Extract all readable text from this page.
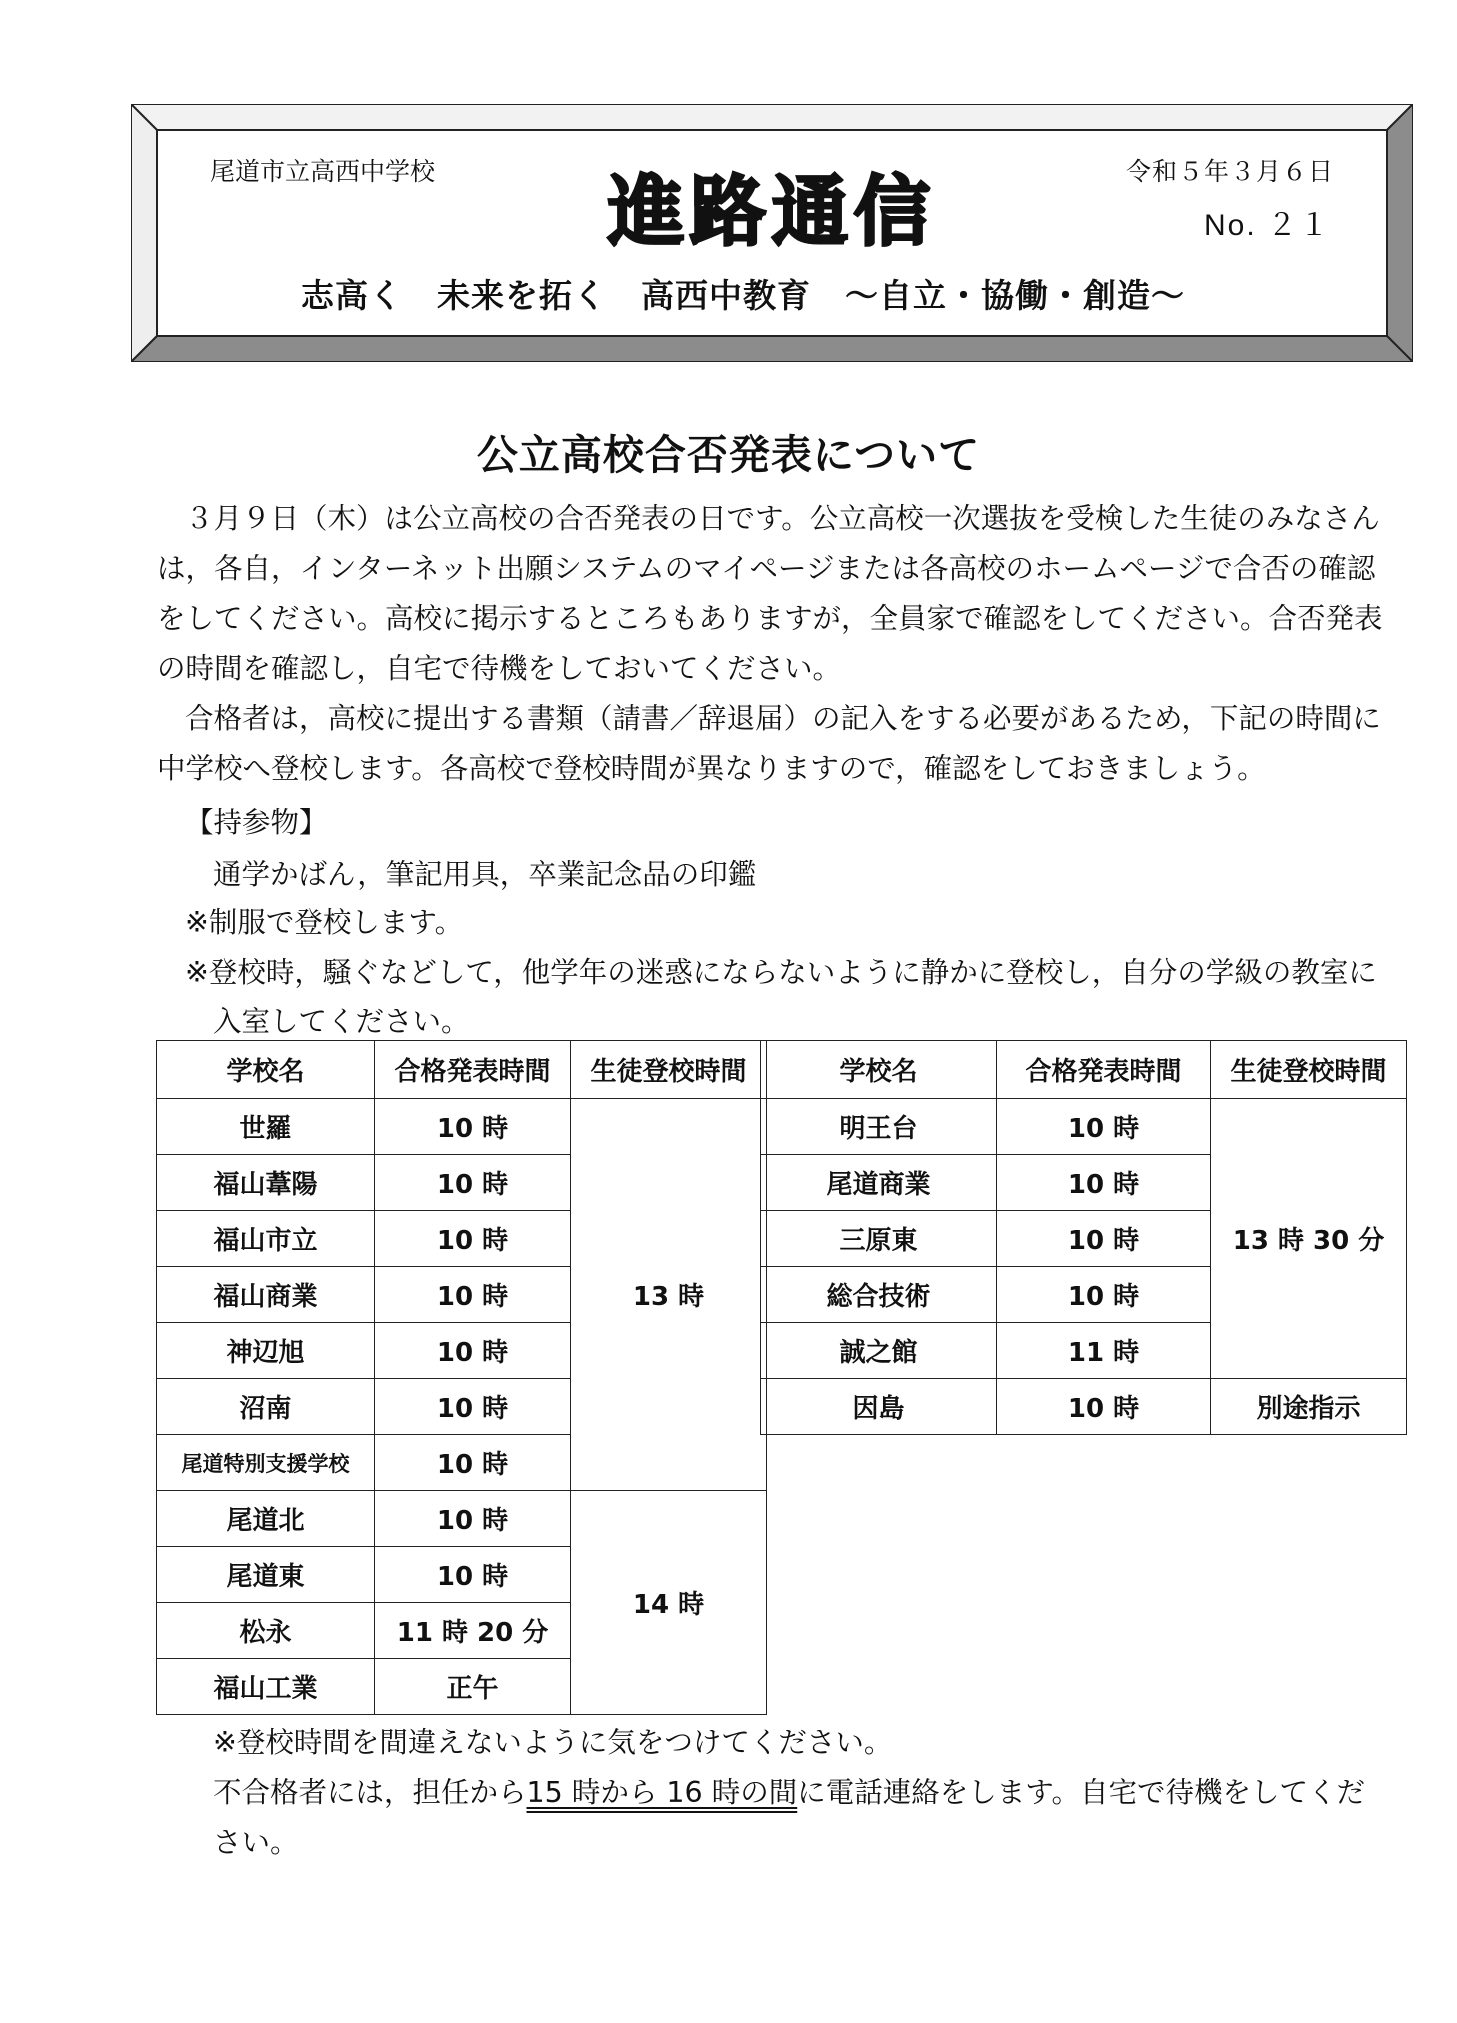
尾道市立高西中学校	令和５年３月６日
進路通信	No. ２１
志高く　未来を拓く　高西中教育　～自立・協働・創造～
公立高校合否発表について
３月９日（木）は公立高校の合否発表の日です。公立高校一次選抜を受検した生徒のみなさん
は，各自，インターネット出願システムのマイページまたは各高校のホームページで合否の確認
をしてください。高校に掲示するところもありますが，全員家で確認をしてください。合否発表
の時間を確認し，自宅で待機をしておいてください。
合格者は，高校に提出する書類（請書／辞退届）の記入をする必要があるため，下記の時間に
中学校へ登校します。各高校で登校時間が異なりますので，確認をしておきましょう。
【持参物】
通学かばん，筆記用具，卒業記念品の印鑑
※制服で登校します。
※登校時，騒ぐなどして，他学年の迷惑にならないように静かに登校し，自分の学級の教室に
入室してください。
学校名	合格発表時間	生徒登校時間
世羅	10 時	13 時
福山葦陽	10 時	
福山市立	10 時	
福山商業	10 時	
神辺旭	10 時	
沼南	10 時	
尾道特別支援学校	10 時	
尾道北	10 時	14 時
尾道東	10 時	
松永	11 時 20 分	
福山工業	正午	
学校名	合格発表時間	生徒登校時間
明王台	10 時	13 時 30 分
尾道商業	10 時	
三原東	10 時	
総合技術	10 時	
誠之館	11 時	
因島	10 時	別途指示
※登校時間を間違えないように気をつけてください。
不合格者には，担任から15 時から 16 時の間に電話連絡をします。自宅で待機をしてくだ
さい。
